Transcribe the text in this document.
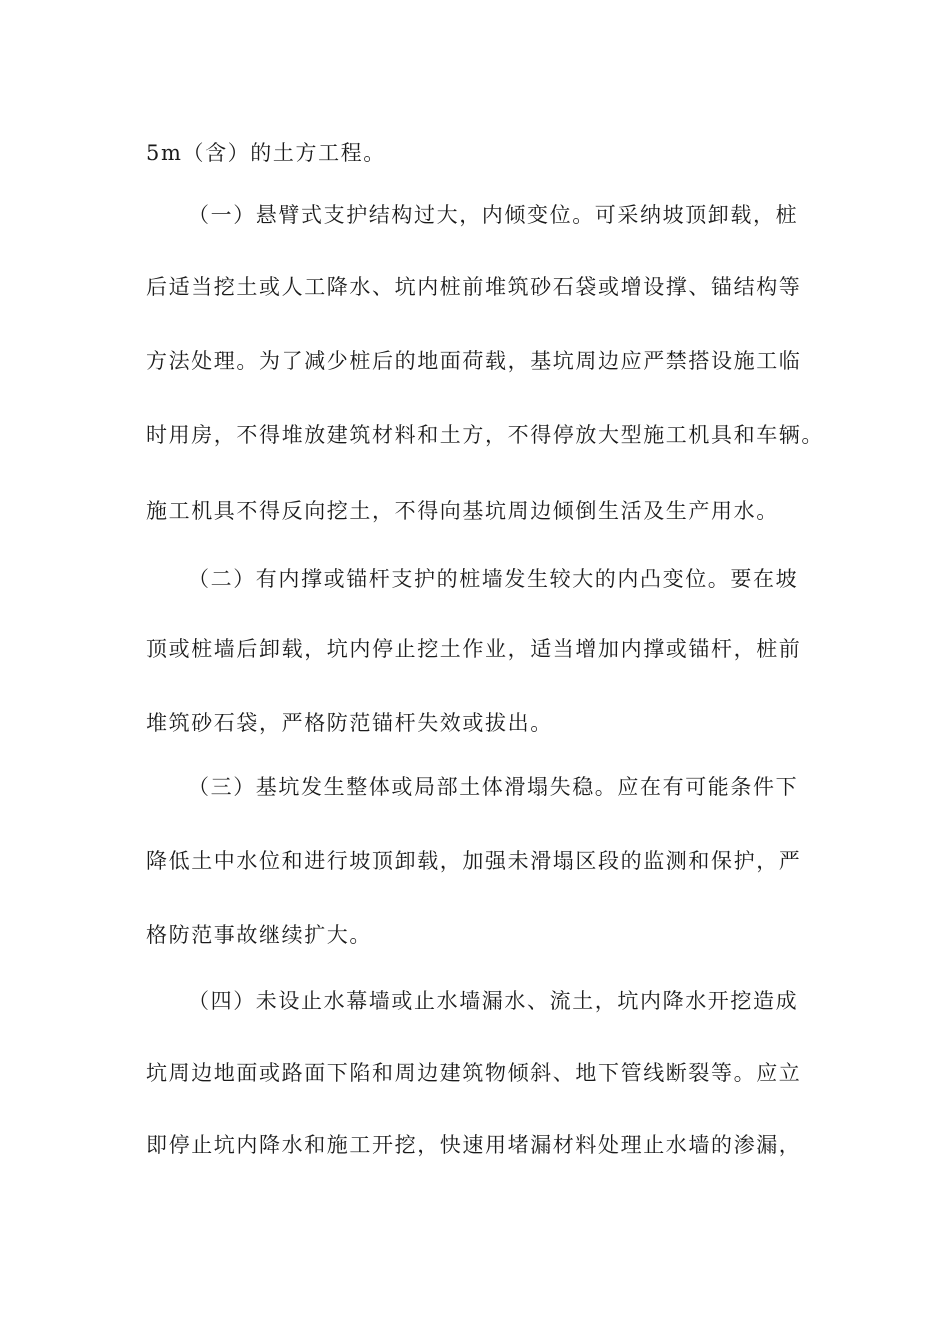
5m（含）的土方工程。
（一）悬臂式支护结构过大，内倾变位。可采纳坡顶卸载，桩
后适当挖土或人工降水、坑内桩前堆筑砂石袋或增设撑、锚结构等
方法处理。为了减少桩后的地面荷载，基坑周边应严禁搭设施工临
时用房，不得堆放建筑材料和土方，不得停放大型施工机具和车辆。
施工机具不得反向挖土，不得向基坑周边倾倒生活及生产用水。
（二）有内撑或锚杆支护的桩墙发生较大的内凸变位。要在坡
顶或桩墙后卸载，坑内停止挖土作业，适当增加内撑或锚杆，桩前
堆筑砂石袋，严格防范锚杆失效或拔出。
（三）基坑发生整体或局部土体滑塌失稳。应在有可能条件下
降低土中水位和进行坡顶卸载，加强未滑塌区段的监测和保护，严
格防范事故继续扩大。
（四）未设止水幕墙或止水墙漏水、流土，坑内降水开挖造成
坑周边地面或路面下陷和周边建筑物倾斜、地下管线断裂等。应立
即停止坑内降水和施工开挖，快速用堵漏材料处理止水墙的渗漏，
